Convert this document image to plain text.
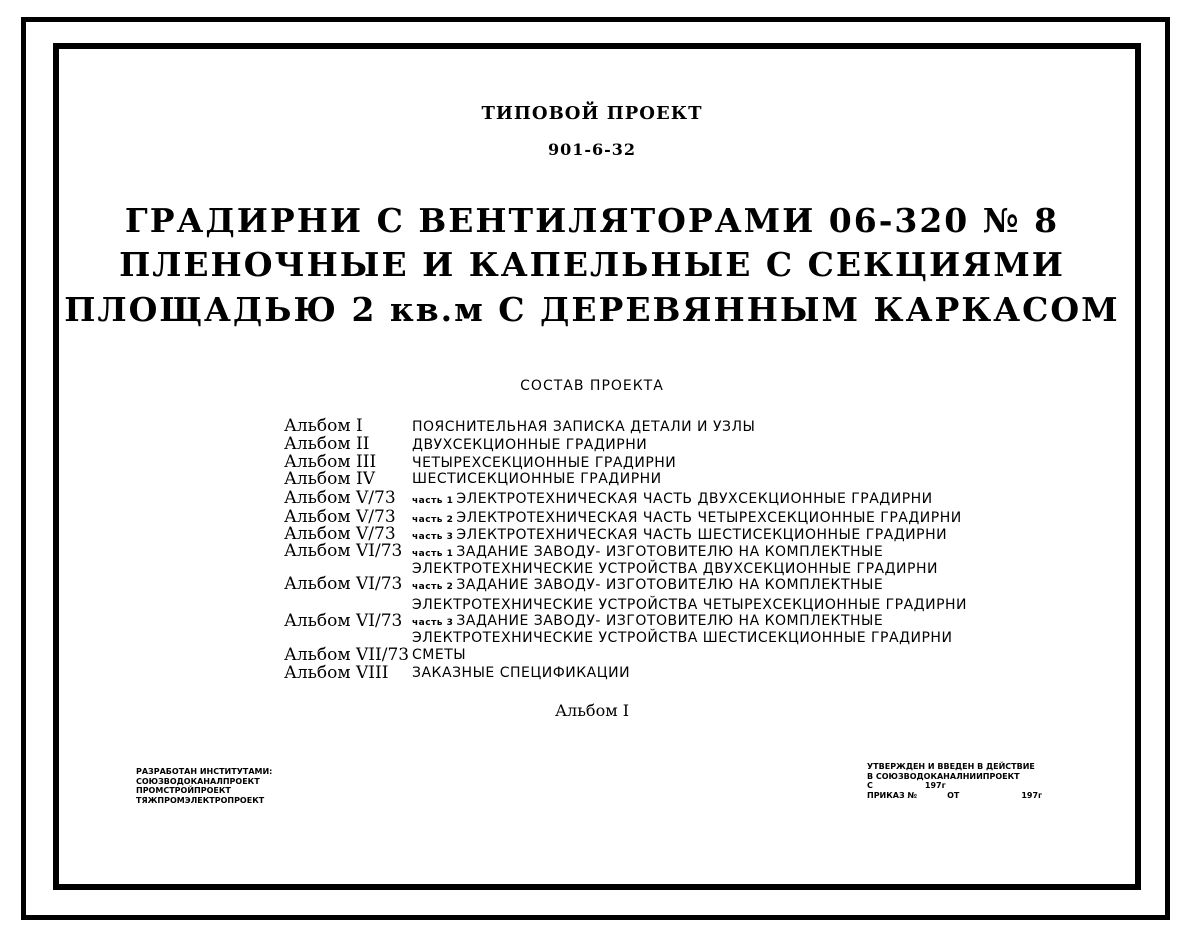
ТИПОВОЙ ПРОЕКТ
901-6-32
ГРАДИРНИ С ВЕНТИЛЯТОРАМИ 06-320 № 8
ПЛЕНОЧНЫЕ И КАПЕЛЬНЫЕ С СЕКЦИЯМИ
ПЛОЩАДЬЮ 2 кв.м С ДЕРЕВЯННЫМ КАРКАСОМ
СОСТАВ ПРОЕКТА
Альбом I	ПОЯСНИТЕЛЬНАЯ ЗАПИСКА ДЕТАЛИ И УЗЛЫ
Альбом II	ДВУХСЕКЦИОННЫЕ ГРАДИРНИ
Альбом III	ЧЕТЫРЕХСЕКЦИОННЫЕ ГРАДИРНИ
Альбом IV	ШЕСТИСЕКЦИОННЫЕ ГРАДИРНИ
Альбом V/73 часть 1 ЭЛЕКТРОТЕХНИЧЕСКАЯ ЧАСТЬ ДВУХСЕКЦИОННЫЕ ГРАДИРНИ
Альбом V/73 часть 2 ЭЛЕКТРОТЕХНИЧЕСКАЯ ЧАСТЬ ЧЕТЫРЕХСЕКЦИОННЫЕ ГРАДИРНИ
Альбом V/73 часть 3 ЭЛЕКТРОТЕХНИЧЕСКАЯ ЧАСТЬ ШЕСТИСЕКЦИОННЫЕ ГРАДИРНИ
Альбом VI/73 часть 1 ЗАДАНИЕ ЗАВОДУ- ИЗГОТОВИТЕЛЮ НА КОМПЛЕКТНЫЕ
ЭЛЕКТРОТЕХНИЧЕСКИЕ УСТРОЙСТВА ДВУХСЕКЦИОННЫЕ ГРАДИРНИ
Альбом VI/73 часть 2 ЗАДАНИЕ ЗАВОДУ- ИЗГОТОВИТЕЛЮ НА КОМПЛЕКТНЫЕ
ЭЛЕКТРОТЕХНИЧЕСКИЕ УСТРОЙСТВА ЧЕТЫРЕХСЕКЦИОННЫЕ ГРАДИРНИ
Альбом VI/73 часть 3 ЗАДАНИЕ ЗАВОДУ- ИЗГОТОВИТЕЛЮ НА КОМПЛЕКТНЫЕ
ЭЛЕКТРОТЕХНИЧЕСКИЕ УСТРОЙСТВА ШЕСТИСЕКЦИОННЫЕ ГРАДИРНИ
Альбом VII/73 СМЕТЫ
Альбом VIII ЗАКАЗНЫЕ СПЕЦИФИКАЦИИ
Альбом I
РАЗРАБОТАН ИНСТИТУТАМИ:
СОЮЗВОДОКАНАЛПРОЕКТ
ПРОМСТРОЙПРОЕКТ
ТЯЖПРОМЭЛЕКТРОПРОЕКТ
УТВЕРЖДЕН И ВВЕДЕН В ДЕЙСТВИЕ
В СОЮЗВОДОКАНАЛНИИПРОЕКТ
С	197г
ПРИКАЗ №	ОТ	197г
